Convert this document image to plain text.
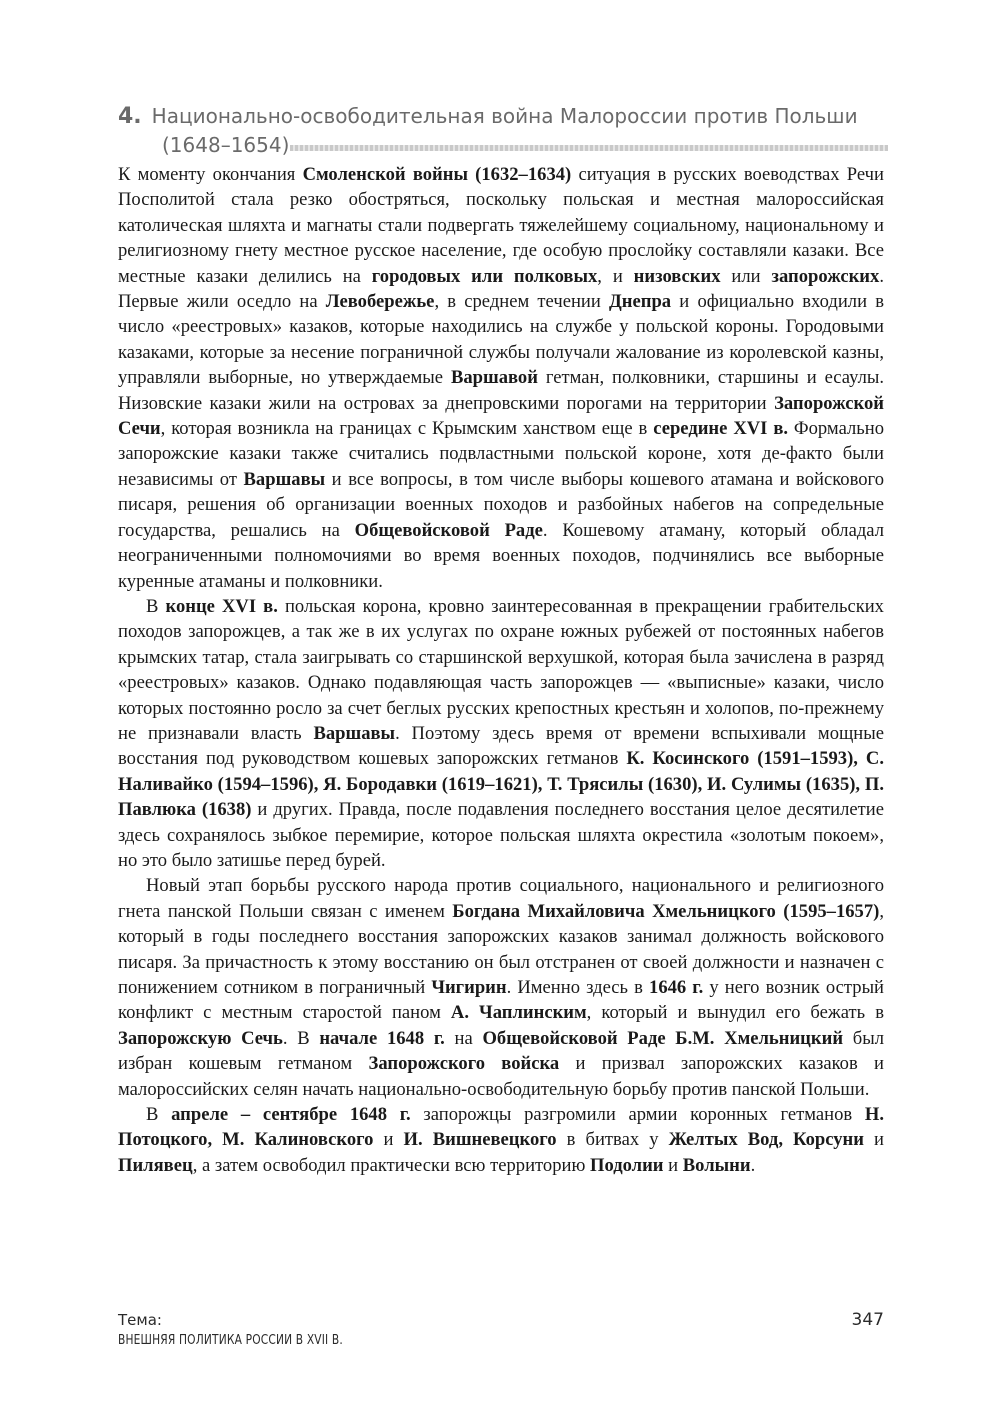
4. Национально-освободительная война Малороссии против Польши
(1648–1654)

К моменту окончания Смоленской войны (1632–1634) ситуация в русских воеводствах Речи Посполитой стала резко обостряться, поскольку польская и местная малороссийская католическая шляхта и магнаты стали подвергать тяжелейшему социальному, национальному и религиозному гнету местное русское население, где особую прослойку составляли казаки. Все местные казаки делились на городовых или полковых, и низовских или запорожских. Первые жили оседло на Левобережье, в среднем течении Днепра и официально входили в число «реестровых» казаков, которые находились на службе у польской короны. Городовыми казаками, которые за несение пограничной службы получали жалование из королевской казны, управляли выборные, но утверждаемые Варшавой гетман, полковники, старшины и есаулы. Низовские казаки жили на островах за днепровскими порогами на территории Запорожской Сечи, которая возникла на границах с Крымским ханством еще в середине XVI в. Формально запорожские казаки также считались подвластными польской короне, хотя де-факто были независимы от Варшавы и все вопросы, в том числе выборы кошевого атамана и войскового писаря, решения об организации военных походов и разбойных набегов на сопредельные государства, решались на Общевойсковой Раде. Кошевому атаману, который обладал неограниченными полномочиями во время военных походов, подчинялись все выборные куренные атаманы и полковники.

В конце XVI в. польская корона, кровно заинтересованная в прекращении грабительских походов запорожцев, а так же в их услугах по охране южных рубежей от постоянных набегов крымских татар, стала заигрывать со старшинской верхушкой, которая была зачислена в разряд «реестровых» казаков. Однако подавляющая часть запорожцев — «выписные» казаки, число которых постоянно росло за счет беглых русских крепостных крестьян и холопов, по-прежнему не признавали власть Варшавы. Поэтому здесь время от времени вспыхивали мощные восстания под руководством кошевых запорожских гетманов К. Косинского (1591–1593), С. Наливайко (1594–1596), Я. Бородавки (1619–1621), Т. Трясилы (1630), И. Сулимы (1635), П. Павлюка (1638) и других. Правда, после подавления последнего восстания целое десятилетие здесь сохранялось зыбкое перемирие, которое польская шляхта окрестила «золотым покоем», но это было затишье перед бурей.

Новый этап борьбы русского народа против социального, национального и религиозного гнета панской Польши связан с именем Богдана Михайловича Хмельницкого (1595–1657), который в годы последнего восстания запорожских казаков занимал должность войскового писаря. За причастность к этому восстанию он был отстранен от своей должности и назначен с понижением сотником в пограничный Чигирин. Именно здесь в 1646 г. у него возник острый конфликт с местным старостой паном А. Чаплинским, который и вынудил его бежать в Запорожскую Сечь. В начале 1648 г. на Общевойсковой Раде Б.М. Хмельницкий был избран кошевым гетманом Запорожского войска и призвал запорожских казаков и малороссийских селян начать национально-освободительную борьбу против панской Польши.

В апреле – сентябре 1648 г. запорожцы разгромили армии коронных гетманов Н. Потоцкого, М. Калиновского и И. Вишневецкого в битвах у Желтых Вод, Корсуни и Пилявец, а затем освободил практически всю территорию Подолии и Волыни.

Тема:
ВНЕШНЯЯ ПОЛИТИКА РОССИИ В XVII В.
347
